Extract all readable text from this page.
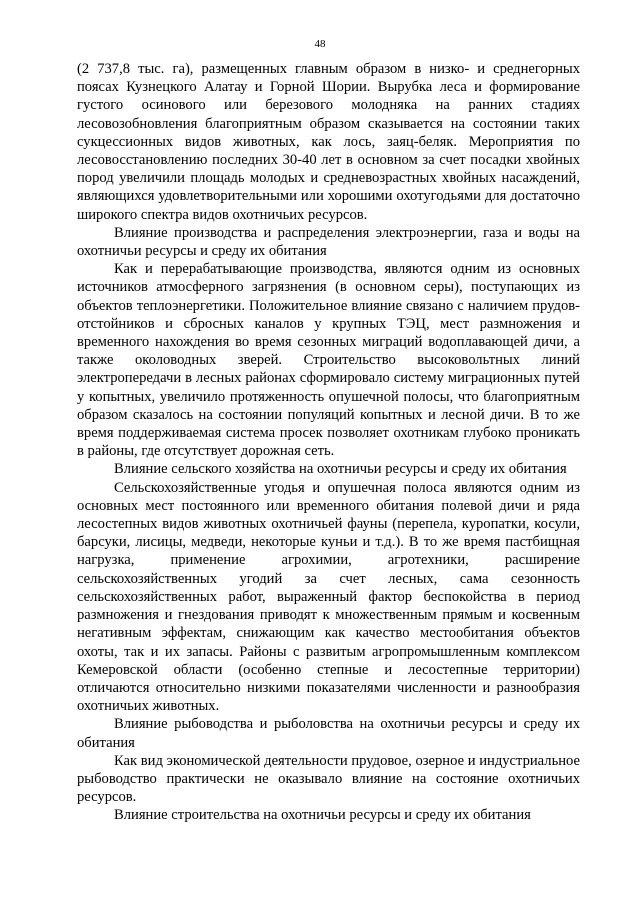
48

(2 737,8 тыс. га), размещенных главным образом в низко- и среднегорных поясах Кузнецкого Алатау и Горной Шории. Вырубка леса и формирование густого осинового или березового молодняка на ранних стадиях лесовозобновления благоприятным образом сказывается на состоянии таких сукцессионных видов животных, как лось, заяц-беляк. Мероприятия по лесовосстановлению последних 30-40 лет в основном за счет посадки хвойных пород увеличили площадь молодых и средневозрастных хвойных насаждений, являющихся удовлетворительными или хорошими охотугодьями для достаточно широкого спектра видов охотничьих ресурсов.

Влияние производства и распределения электроэнергии, газа и воды на охотничьи ресурсы и среду их обитания

Как и перерабатывающие производства, являются одним из основных источников атмосферного загрязнения (в основном серы), поступающих из объектов теплоэнергетики. Положительное влияние связано с наличием прудов-отстойников и сбросных каналов у крупных ТЭЦ, мест размножения и временного нахождения во время сезонных миграций водоплавающей дичи, а также околоводных зверей. Строительство высоковольтных линий электропередачи в лесных районах сформировало систему миграционных путей у копытных, увеличило протяженность опушечной полосы, что благоприятным образом сказалось на состоянии популяций копытных и лесной дичи. В то же время поддерживаемая система просек позволяет охотникам глубоко проникать в районы, где отсутствует дорожная сеть.

Влияние сельского хозяйства на охотничьи ресурсы и среду их обитания

Сельскохозяйственные угодья и опушечная полоса являются одним из основных мест постоянного или временного обитания полевой дичи и ряда лесостепных видов животных охотничьей фауны (перепела, куропатки, косули, барсуки, лисицы, медведи, некоторые куньи и т.д.). В то же время пастбищная нагрузка, применение агрохимии, агротехники, расширение сельскохозяйственных угодий за счет лесных, сама сезонность сельскохозяйственных работ, выраженный фактор беспокойства в период размножения и гнездования приводят к множественным прямым и косвенным негативным эффектам, снижающим как качество местообитания объектов охоты, так и их запасы. Районы с развитым агропромышленным комплексом Кемеровской области (особенно степные и лесостепные территории) отличаются относительно низкими показателями численности и разнообразия охотничьих животных.

Влияние рыбоводства и рыболовства на охотничьи ресурсы и среду их обитания

Как вид экономической деятельности прудовое, озерное и индустриальное рыбоводство практически не оказывало влияние на состояние охотничьих ресурсов.

Влияние строительства на охотничьи ресурсы и среду их обитания
